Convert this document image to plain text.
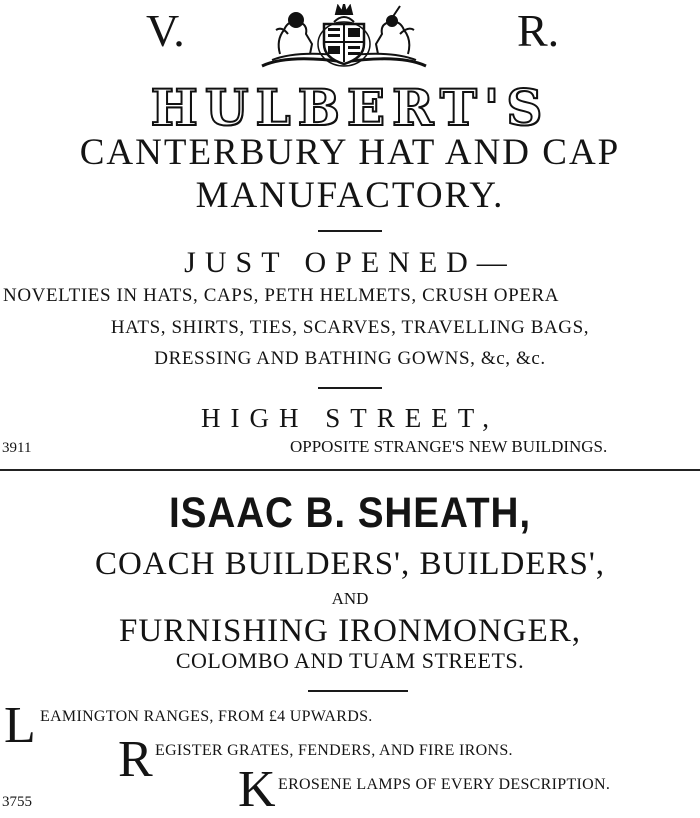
V.	R.
HULBERT'S
CANTERBURY HAT AND CAP
MANUFACTORY.
JUST OPENED—
NOVELTIES IN HATS, CAPS, PETH HELMETS, CRUSH OPERA
HATS, SHIRTS, TIES, SCARVES, TRAVELLING BAGS,
DRESSING AND BATHING GOWNS, &c, &c.
HIGH STREET,
3911	OPPOSITE STRANGE'S NEW BUILDINGS.
ISAAC B. SHEATH,
COACH BUILDERS', BUILDERS',
AND
FURNISHING IRONMONGER,
COLOMBO AND TUAM STREETS.
L EAMINGTON RANGES, FROM £4 UPWARDS.
R EGISTER GRATES, FENDERS, AND FIRE IRONS.
K EROSENE LAMPS OF EVERY DESCRIPTION.
3755
